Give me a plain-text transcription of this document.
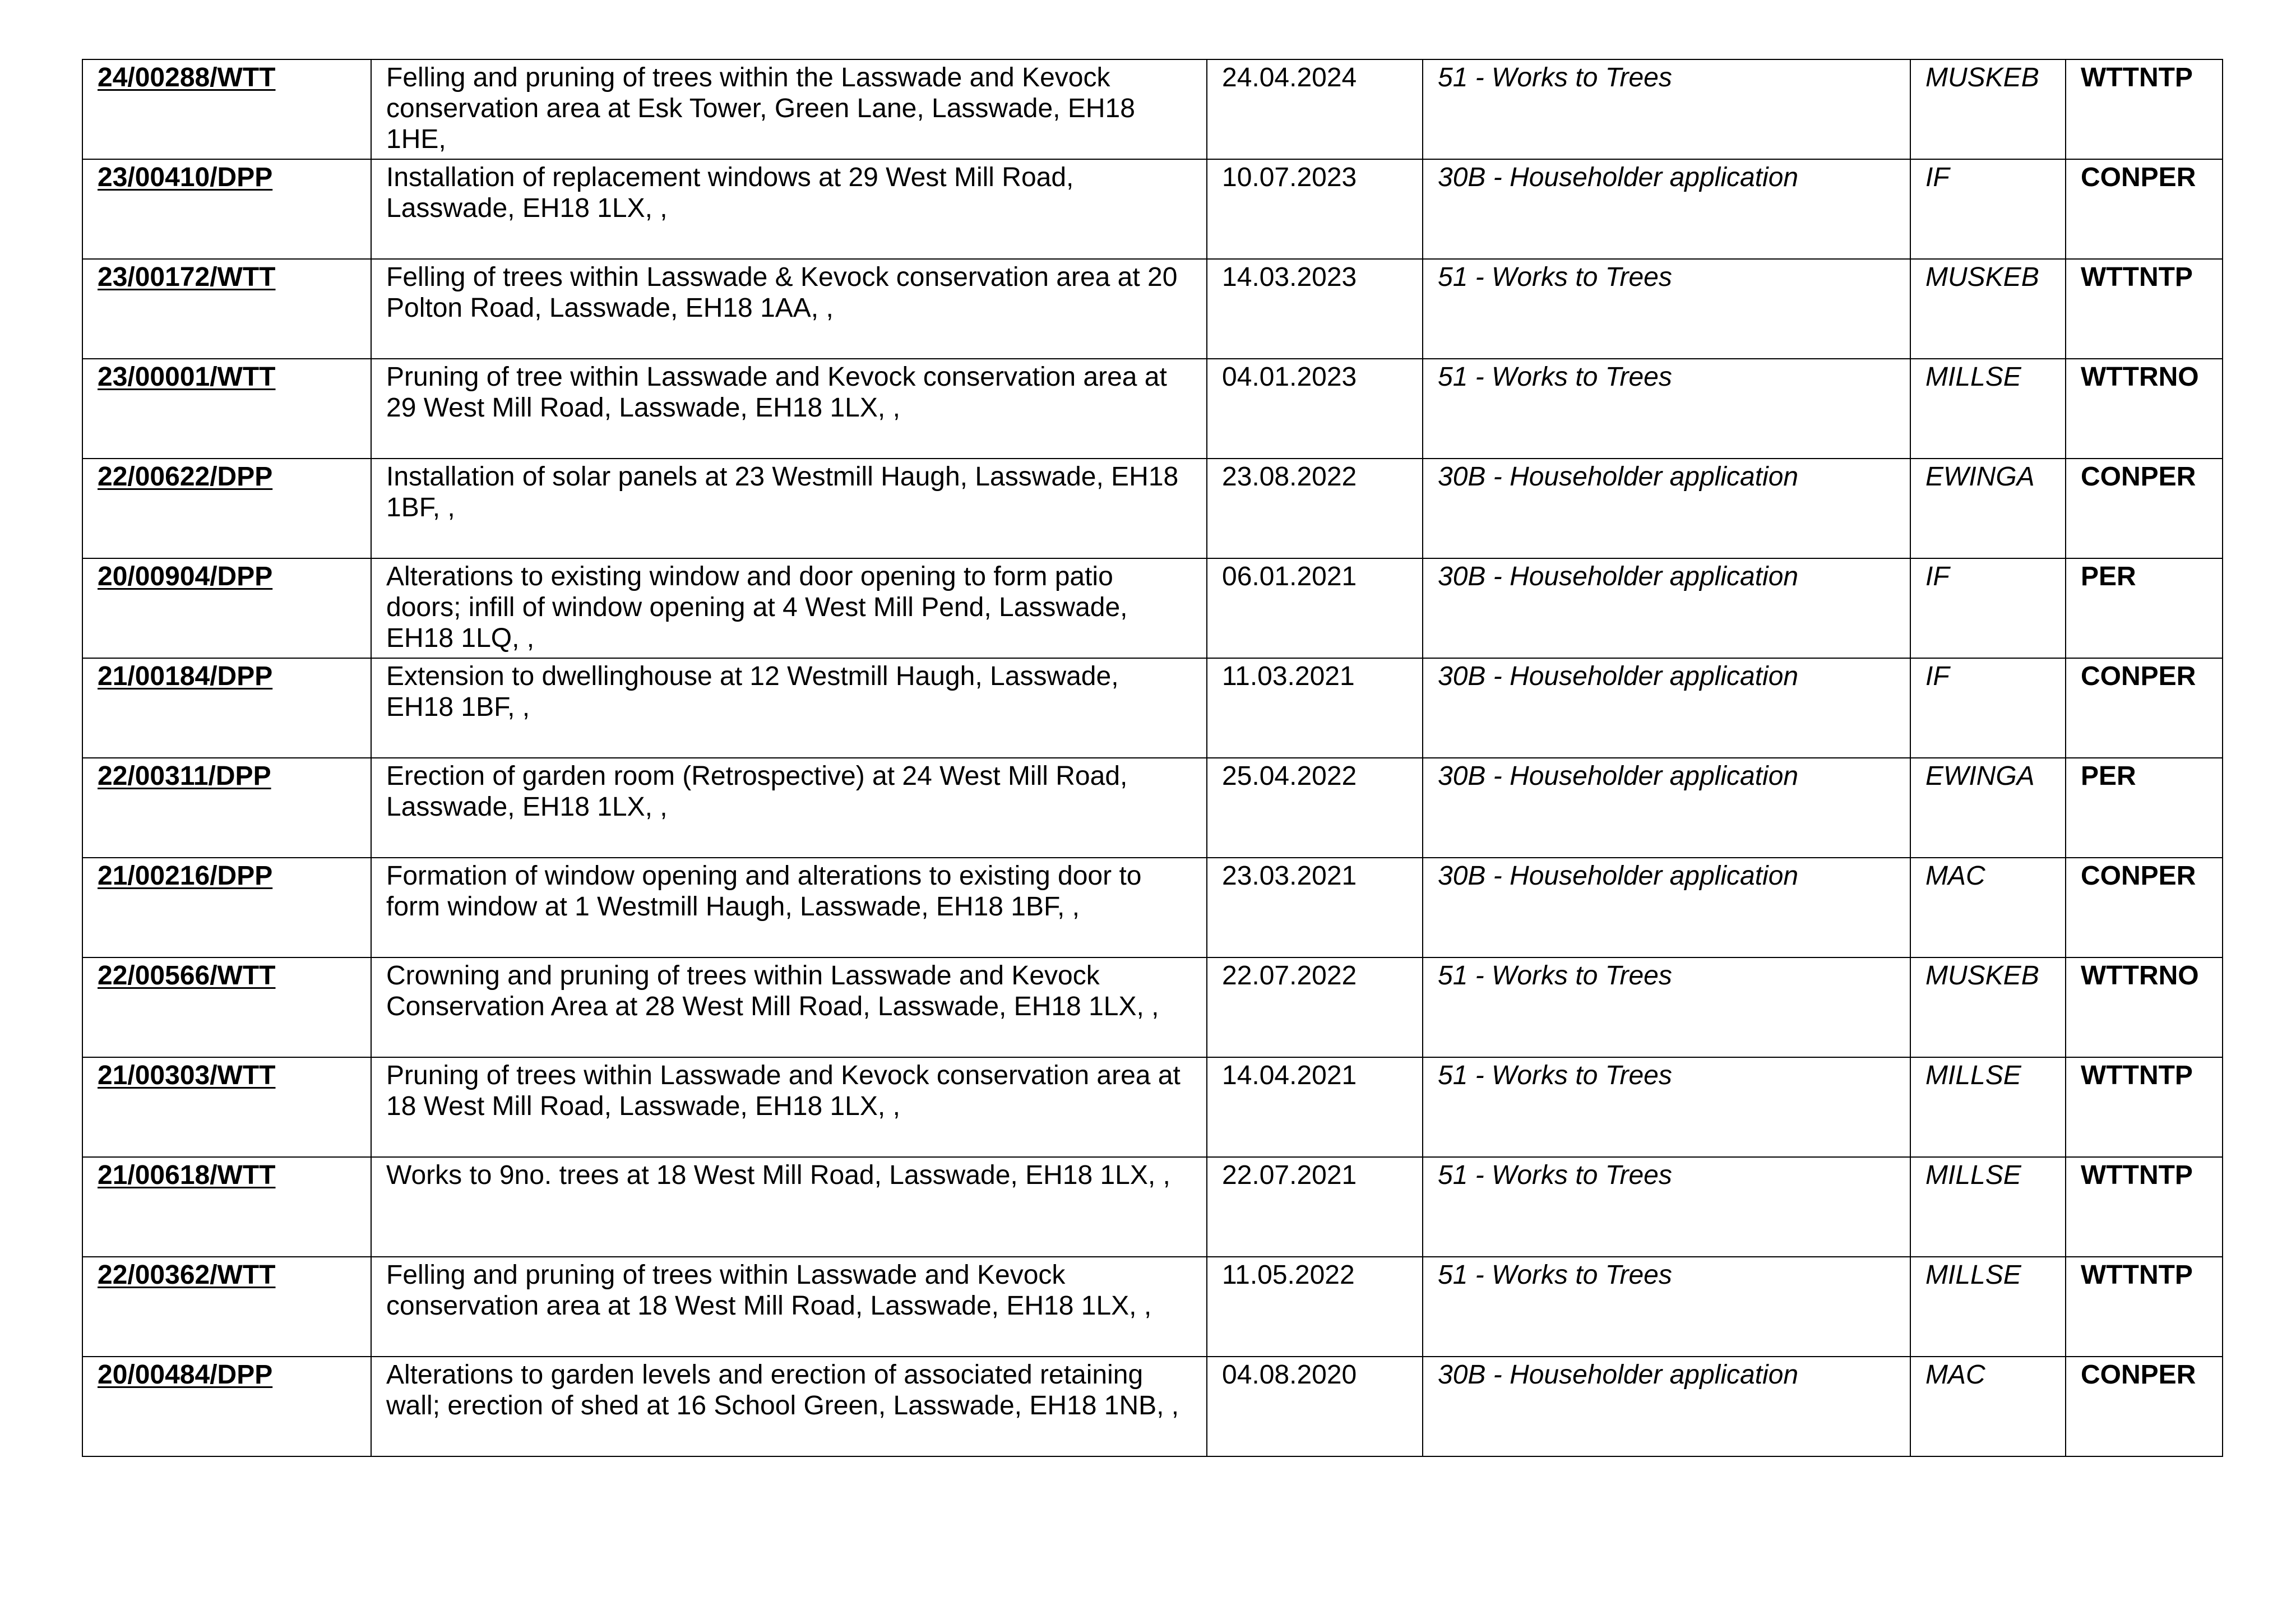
24/00288/WTT	Felling and pruning of trees within the Lasswade and Kevock conservation area at Esk Tower, Green Lane, Lasswade, EH18 1HE,	24.04.2024	51 - Works to Trees	MUSKEB	WTTNTP
23/00410/DPP	Installation of replacement windows at 29 West Mill Road, Lasswade, EH18 1LX, ,	10.07.2023	30B - Householder application	IF	CONPER
23/00172/WTT	Felling of trees within Lasswade & Kevock conservation area at 20 Polton Road, Lasswade, EH18 1AA, ,	14.03.2023	51 - Works to Trees	MUSKEB	WTTNTP
23/00001/WTT	Pruning of tree within Lasswade and Kevock conservation area at 29 West Mill Road, Lasswade, EH18 1LX, ,	04.01.2023	51 - Works to Trees	MILLSE	WTTRNO
22/00622/DPP	Installation of solar panels at 23 Westmill Haugh, Lasswade, EH18 1BF, ,	23.08.2022	30B - Householder application	EWINGA	CONPER
20/00904/DPP	Alterations to existing window and door opening to form patio doors; infill of window opening at 4 West Mill Pend, Lasswade, EH18 1LQ, ,	06.01.2021	30B - Householder application	IF	PER
21/00184/DPP	Extension to dwellinghouse at 12 Westmill Haugh, Lasswade, EH18 1BF, ,	11.03.2021	30B - Householder application	IF	CONPER
22/00311/DPP	Erection of garden room (Retrospective) at 24 West Mill Road, Lasswade, EH18 1LX, ,	25.04.2022	30B - Householder application	EWINGA	PER
21/00216/DPP	Formation of window opening and alterations to existing door to form window at 1 Westmill Haugh, Lasswade, EH18 1BF, ,	23.03.2021	30B - Householder application	MAC	CONPER
22/00566/WTT	Crowning and pruning of trees within Lasswade and Kevock Conservation Area at 28 West Mill Road, Lasswade, EH18 1LX, ,	22.07.2022	51 - Works to Trees	MUSKEB	WTTRNO
21/00303/WTT	Pruning of trees within Lasswade and Kevock conservation area at 18 West Mill Road, Lasswade, EH18 1LX, ,	14.04.2021	51 - Works to Trees	MILLSE	WTTNTP
21/00618/WTT	Works to 9no. trees at 18 West Mill Road, Lasswade, EH18 1LX, ,	22.07.2021	51 - Works to Trees	MILLSE	WTTNTP
22/00362/WTT	Felling and pruning of trees within Lasswade and Kevock conservation area at 18 West Mill Road, Lasswade, EH18 1LX, ,	11.05.2022	51 - Works to Trees	MILLSE	WTTNTP
20/00484/DPP	Alterations to garden levels and erection of associated retaining wall; erection of shed at 16 School Green, Lasswade, EH18 1NB, ,	04.08.2020	30B - Householder application	MAC	CONPER
